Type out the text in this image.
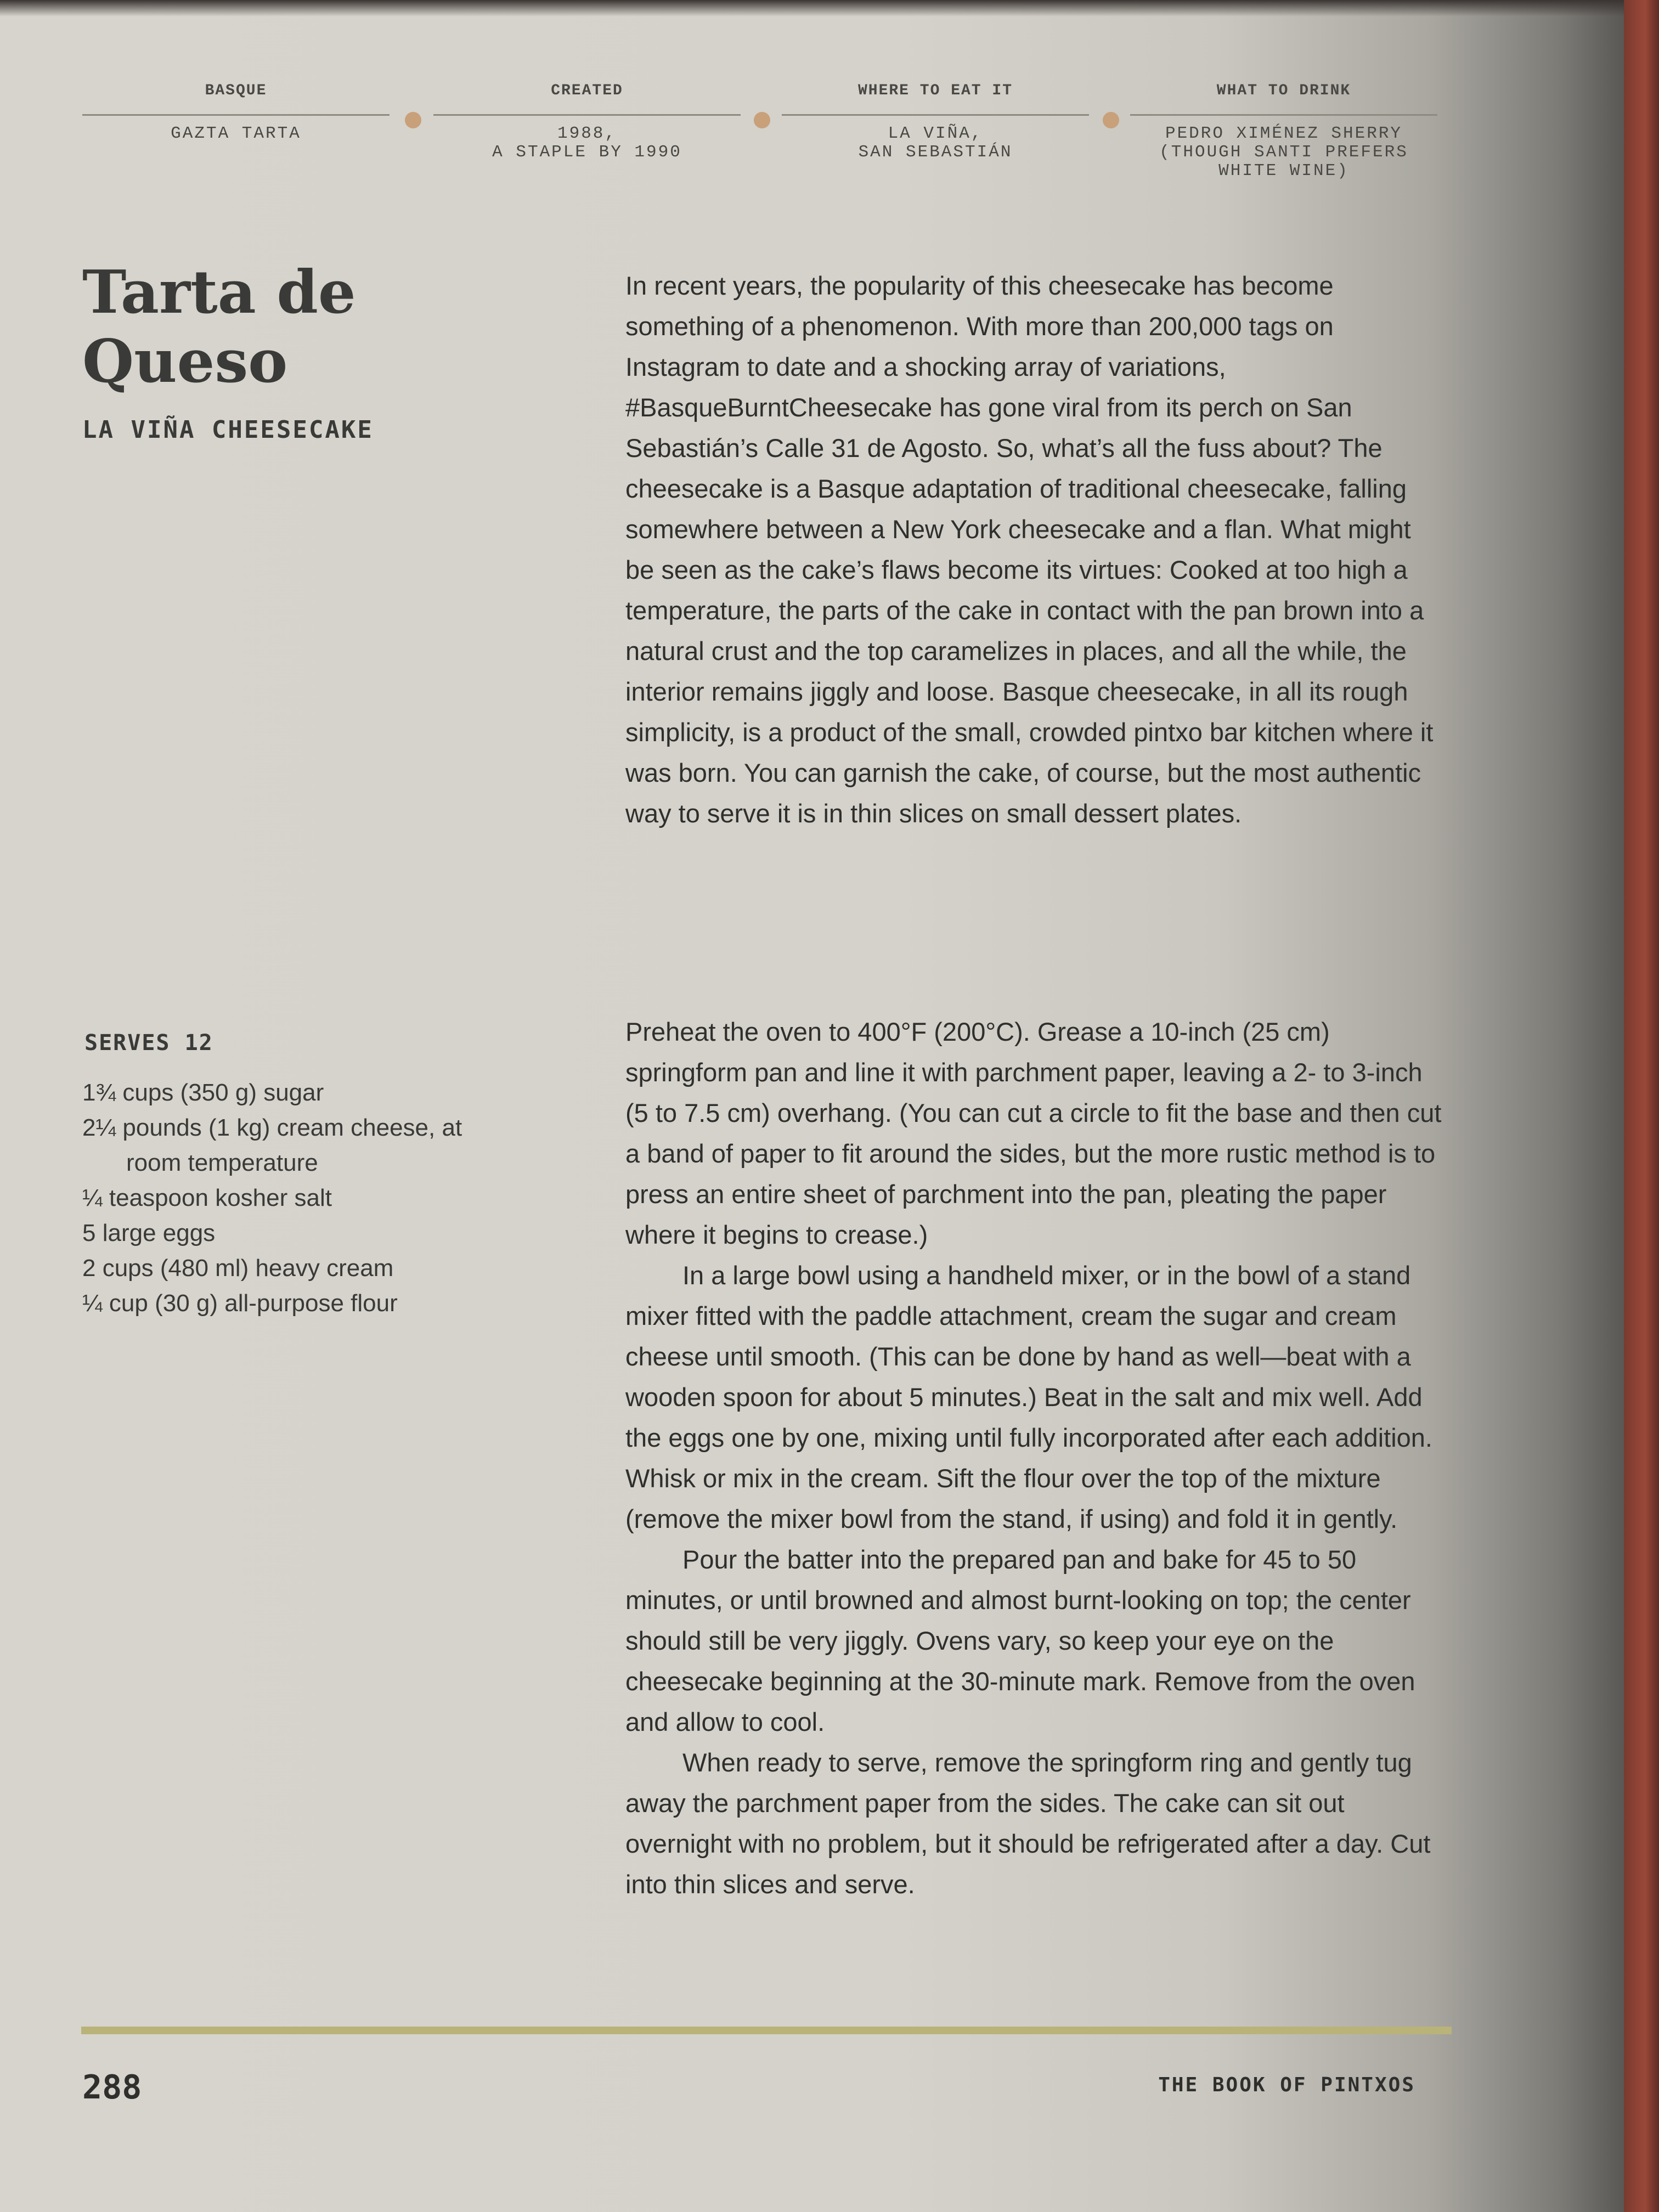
BASQUE
GAZTA TARTA
CREATED
1988,
A STAPLE BY 1990
WHERE TO EAT IT
LA VIÑA,
SAN SEBASTIÁN
WHAT TO DRINK
PEDRO XIMÉNEZ SHERRY
(THOUGH SANTI PREFERS
WHITE WINE)
Tarta de
Queso
LA VIÑA CHEESECAKE

In recent years, the popularity of this cheesecake has become something of a phenomenon. With more than 200,000 tags on Instagram to date and a shocking array of variations, #BasqueBurntCheesecake has gone viral from its perch on San Sebastián’s Calle 31 de Agosto. So, what’s all the fuss about? The cheesecake is a Basque adaptation of traditional cheesecake, falling somewhere between a New York cheesecake and a flan. What might be seen as the cake’s flaws become its virtues: Cooked at too high a temperature, the parts of the cake in contact with the pan brown into a natural crust and the top caramelizes in places, and all the while, the interior remains jiggly and loose. Basque cheesecake, in all its rough simplicity, is a product of the small, crowded pintxo bar kitchen where it was born. You can garnish the cake, of course, but the most authentic way to serve it is in thin slices on small dessert plates.

SERVES 12
1¾ cups (350 g) sugar
2¼ pounds (1 kg) cream cheese, at room temperature
¼ teaspoon kosher salt
5 large eggs
2 cups (480 ml) heavy cream
¼ cup (30 g) all-purpose flour

Preheat the oven to 400°F (200°C). Grease a 10-inch (25 cm) springform pan and line it with parchment paper, leaving a 2- to 3-inch (5 to 7.5 cm) overhang. (You can cut a circle to fit the base and then cut a band of paper to fit around the sides, but the more rustic method is to press an entire sheet of parchment into the pan, pleating the paper where it begins to crease.)

In a large bowl using a handheld mixer, or in the bowl of a stand mixer fitted with the paddle attachment, cream the sugar and cream cheese until smooth. (This can be done by hand as well—beat with a wooden spoon for about 5 minutes.) Beat in the salt and mix well. Add the eggs one by one, mixing until fully incorporated after each addition. Whisk or mix in the cream. Sift the flour over the top of the mixture (remove the mixer bowl from the stand, if using) and fold it in gently.

Pour the batter into the prepared pan and bake for 45 to 50 minutes, or until browned and almost burnt-looking on top; the center should still be very jiggly. Ovens vary, so keep your eye on the cheesecake beginning at the 30-minute mark. Remove from the oven and allow to cool.

When ready to serve, remove the springform ring and gently tug away the parchment paper from the sides. The cake can sit out overnight with no problem, but it should be refrigerated after a day. Cut into thin slices and serve.

288	THE BOOK OF PINTXOS
